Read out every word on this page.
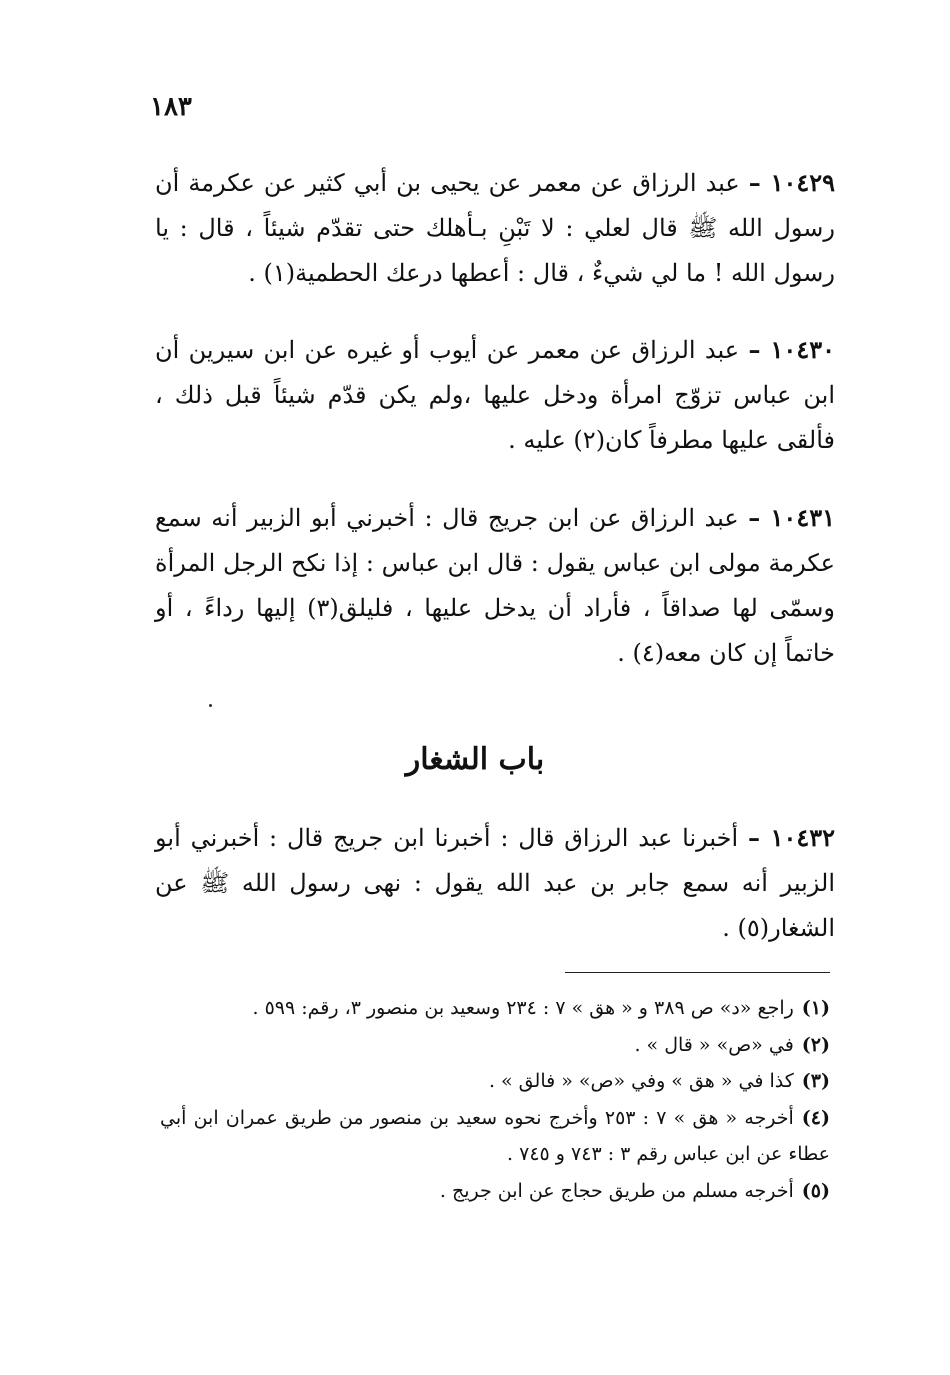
١٨٣

١٠٤٢٩ – عبد الرزاق عن معمر عن يحيى بن أبي كثير عن عكرمة أن رسول الله ﷺ قال لعلي : لا تَبْنِ بـأهلك حتى تقدّم شيئاً ، قال : يا رسول الله ! ما لي شيءٌ ، قال : أعطها درعك الحطمية(١) .

١٠٤٣٠ – عبد الرزاق عن معمر عن أيوب أو غيره عن ابن سيرين أن ابن عباس تزوّج امرأة ودخل عليها ،ولم يكن قدّم شيئاً قبل ذلك ، فألقى عليها مطرفاً كان(٢) عليه .

١٠٤٣١ – عبد الرزاق عن ابن جريج قال : أخبرني أبو الزبير أنه سمع عكرمة مولى ابن عباس يقول : قال ابن عباس : إذا نكح الرجل المرأة وسمّى لها صداقاً ، فأراد أن يدخل عليها ، فليلق(٣) إليها رداءً ، أو خاتماً إن كان معه(٤) .

باب الشغار

١٠٤٣٢ – أخبرنا عبد الرزاق قال : أخبرنا ابن جريج قال : أخبرني أبو الزبير أنه سمع جابر بن عبد الله يقول : نهى رسول الله ﷺ عن الشغار(٥) .

(١)راجع «د» ص ٣٨٩ و « هق » ٧ : ٢٣٤ وسعيد بن منصور ٣، رقم: ٥٩٩ .
(٢)في «ص» « قال » .
(٣)كذا في « هق » وفي «ص» « فالق » .
(٤)أخرجه « هق » ٧ : ٢٥٣ وأخرج نحوه سعيد بن منصور من طريق عمران ابن أبي عطاء عن ابن عباس رقم ٣ : ٧٤٣ و ٧٤٥ .
(٥)أخرجه مسلم من طريق حجاج عن ابن جريج .
